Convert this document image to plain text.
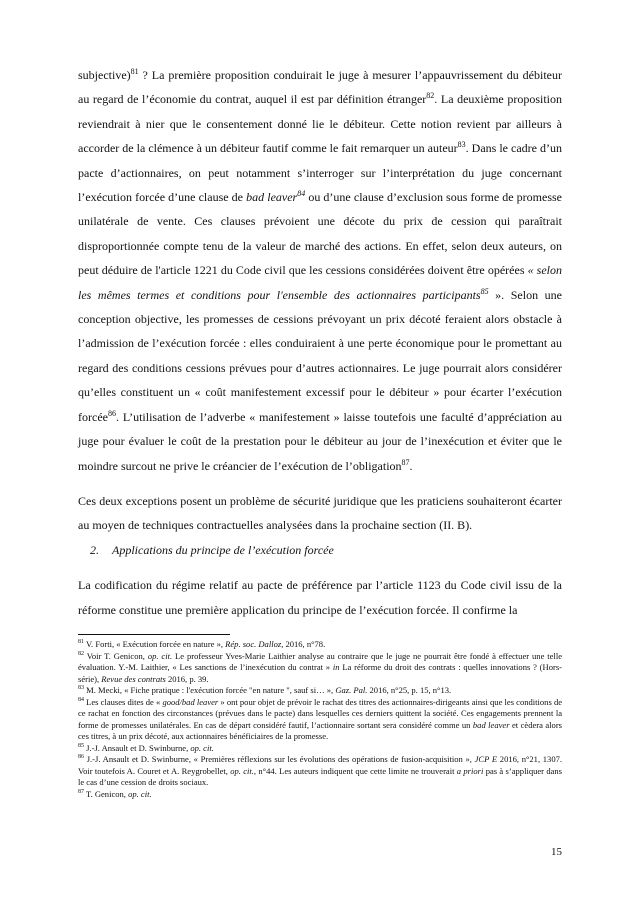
subjective)$^{81}$ ? La première proposition conduirait le juge à mesurer l’appauvrissement du débiteur au regard de l’économie du contrat, auquel il est par définition étranger$^{82}$. La deuxième proposition reviendrait à nier que le consentement donné lie le débiteur. Cette notion revient par ailleurs à accorder de la clémence à un débiteur fautif comme le fait remarquer un auteur$^{83}$. Dans le cadre d’un pacte d’actionnaires, on peut notamment s’interroger sur l’interprétation du juge concernant l’exécution forcée d’une clause de bad leaver$^{84}$ ou d’une clause d’exclusion sous forme de promesse unilatérale de vente. Ces clauses prévoient une décote du prix de cession qui paraîtrait disproportionnée compte tenu de la valeur de marché des actions. En effet, selon deux auteurs, on peut déduire de l'article 1221 du Code civil que les cessions considérées doivent être opérées « selon les mêmes termes et conditions pour l'ensemble des actionnaires participants$^{85}$ ». Selon une conception objective, les promesses de cessions prévoyant un prix décoté feraient alors obstacle à l’admission de l’exécution forcée : elles conduiraient à une perte économique pour le promettant au regard des conditions cessions prévues pour d’autres actionnaires. Le juge pourrait alors considérer qu’elles constituent un « coût manifestement excessif pour le débiteur » pour écarter l’exécution forcée$^{86}$. L’utilisation de l’adverbe « manifestement » laisse toutefois une faculté d’appréciation au juge pour évaluer le coût de la prestation pour le débiteur au jour de l’inexécution et éviter que le moindre surcout ne prive le créancier de l’exécution de l’obligation$^{87}$.

Ces deux exceptions posent un problème de sécurité juridique que les praticiens souhaiteront écarter au moyen de techniques contractuelles analysées dans la prochaine section (II. B).

2. Applications du principe de l’exécution forcée

La codification du régime relatif au pacte de préférence par l’article 1123 du Code civil issu de la réforme constitue une première application du principe de l’exécution forcée. Il confirme la

$^{81}$ V. Forti, « Exécution forcée en nature », Rép. soc. Dalloz, 2016, n°78.

$^{82}$ Voir T. Genicon, op. cit. Le professeur Yves-Marie Laithier analyse au contraire que le juge ne pourrait être fondé à effectuer une telle évaluation. Y.-M. Laithier, « Les sanctions de l’inexécution du contrat » in La réforme du droit des contrats : quelles innovations ? (Hors-série), Revue des contrats 2016, p. 39.

$^{83}$ M. Mecki, « Fiche pratique : l'exécution forcée "en nature ", sauf si… », Gaz. Pal. 2016, n°25, p. 15, n°13.

$^{84}$ Les clauses dites de « good/bad leaver » ont pour objet de prévoir le rachat des titres des actionnaires-dirigeants ainsi que les conditions de ce rachat en fonction des circonstances (prévues dans le pacte) dans lesquelles ces derniers quittent la société. Ces engagements prennent la forme de promesses unilatérales. En cas de départ considéré fautif, l’actionnaire sortant sera considéré comme un bad leaver et cèdera alors ces titres, à un prix décoté, aux actionnaires bénéficiaires de la promesse.

$^{85}$ J.-J. Ansault et D. Swinburne, op. cit.

$^{86}$ J.-J. Ansault et D. Swinburne, « Premières réflexions sur les évolutions des opérations de fusion-acquisition », JCP E 2016, n°21, 1307. Voir toutefois A. Couret et A. Reygrobellet, op. cit., n°44. Les auteurs indiquent que cette limite ne trouverait a priori pas à s’appliquer dans le cas d’une cession de droits sociaux.

$^{87}$ T. Genicon, op. cit.

15
